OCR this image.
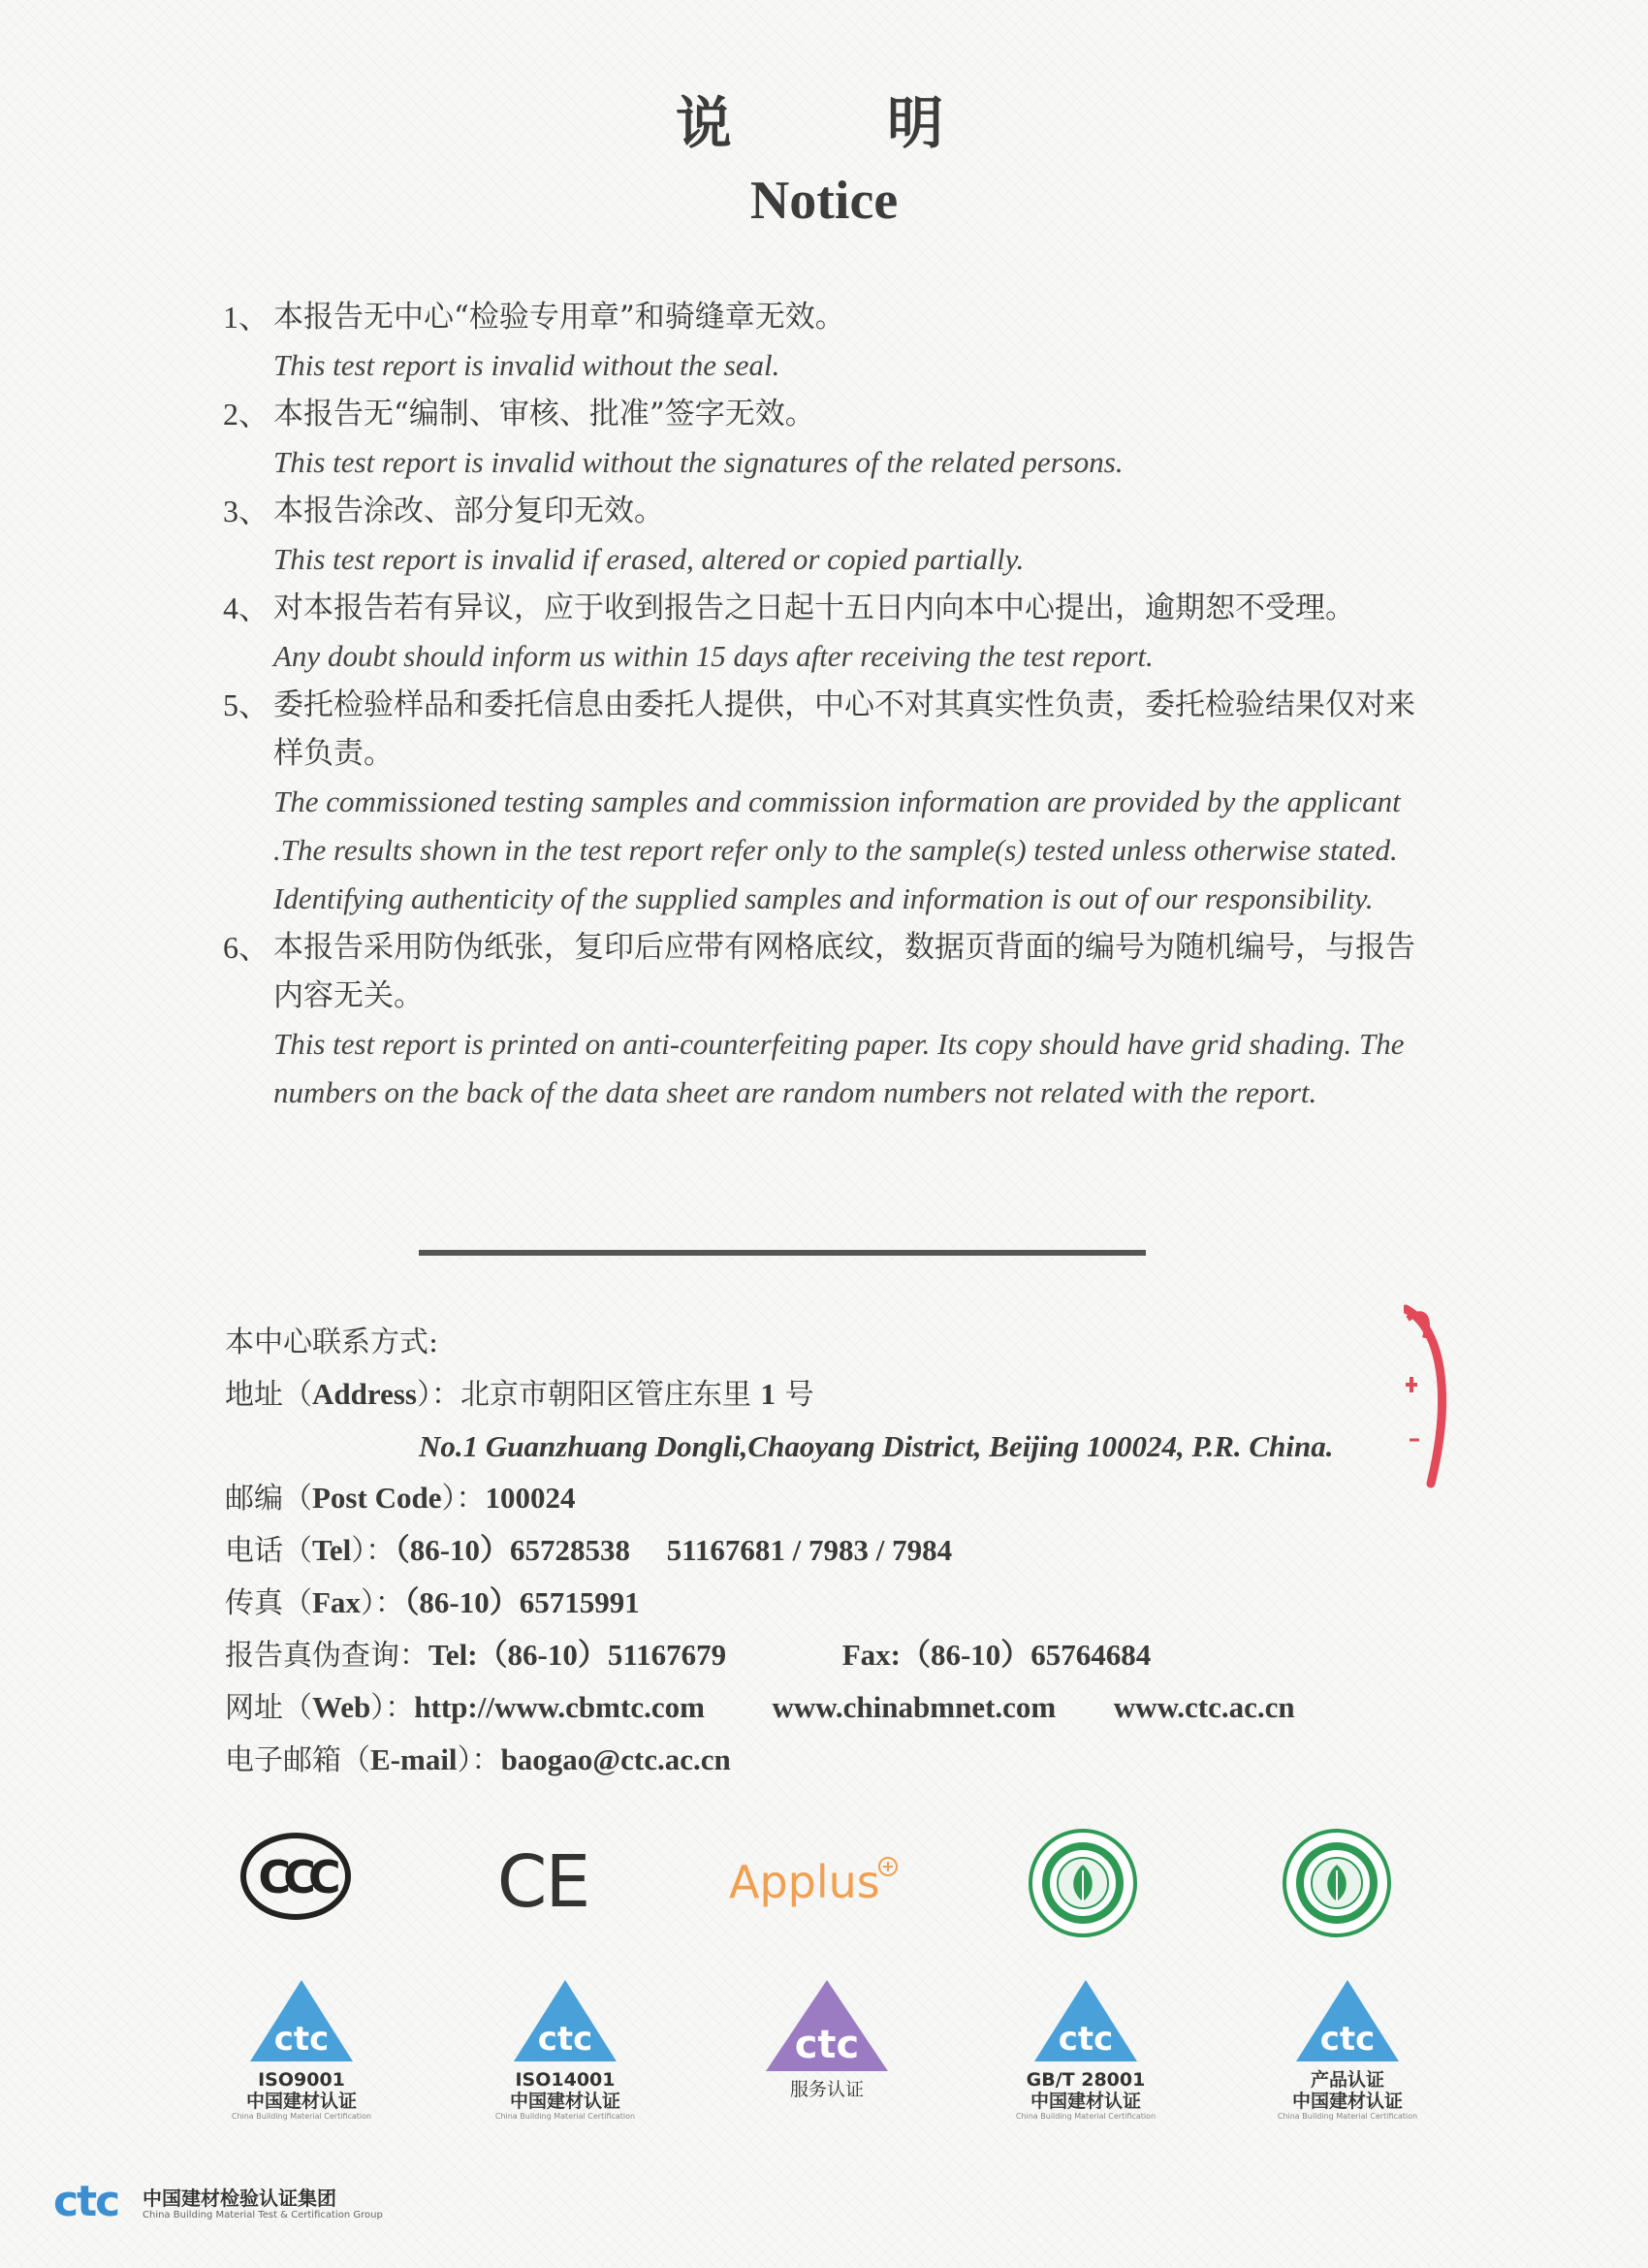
说 明
Notice
1、 本报告无中心“检验专用章”和骑缝章无效。
This test report is invalid without the seal.
2、 本报告无“编制、审核、批准”签字无效。
This test report is invalid without the signatures of the related persons.
3、 本报告涂改、部分复印无效。
This test report is invalid if erased, altered or copied partially.
4、 对本报告若有异议，应于收到报告之日起十五日内向本中心提出，逾期恕不受理。
Any doubt should inform us within 15 days after receiving the test report.
5、 委托检验样品和委托信息由委托人提供，中心不对其真实性负责，委托检验结果仅对来样负责。
The commissioned testing samples and commission information are provided by the applicant .The results shown in the test report refer only to the sample(s) tested unless otherwise stated. Identifying authenticity of the supplied samples and information is out of our responsibility.
6、 本报告采用防伪纸张，复印后应带有网格底纹，数据页背面的编号为随机编号，与报告内容无关。
This test report is printed on anti-counterfeiting paper. Its copy should have grid shading. The numbers on the back of the data sheet are random numbers not related with the report.
本中心联系方式:
地址（Address）：北京市朝阳区管庄东里 1 号
No.1 Guanzhuang Dongli,Chaoyang District, Beijing 100024, P.R. China.
邮编（Post Code）：100024
电话（Tel）：（86-10）65728538 51167681 / 7983 / 7984
传真（Fax）：（86-10）65715991
报告真伪查询：Tel:（86-10）51167679	Fax:（86-10）65764684
网址（Web）：http://www.cbmtc.com www.chinabmnet.com www.ctc.ac.cn
电子邮箱（E-mail）：baogao@ctc.ac.cn
CCC CE	Applus
ctc
ISO9001
中国建材认证
China Building Material Certification
ctc
ISO14001
中国建材认证
China Building Material Certification
ctc
服务认证
ctc
GB/T 28001
中国建材认证
China Building Material Certification
ctc
产品认证
中国建材认证
China Building Material Certification
ctc 中国建材检验认证集团
China Building Material Test & Certification Group
